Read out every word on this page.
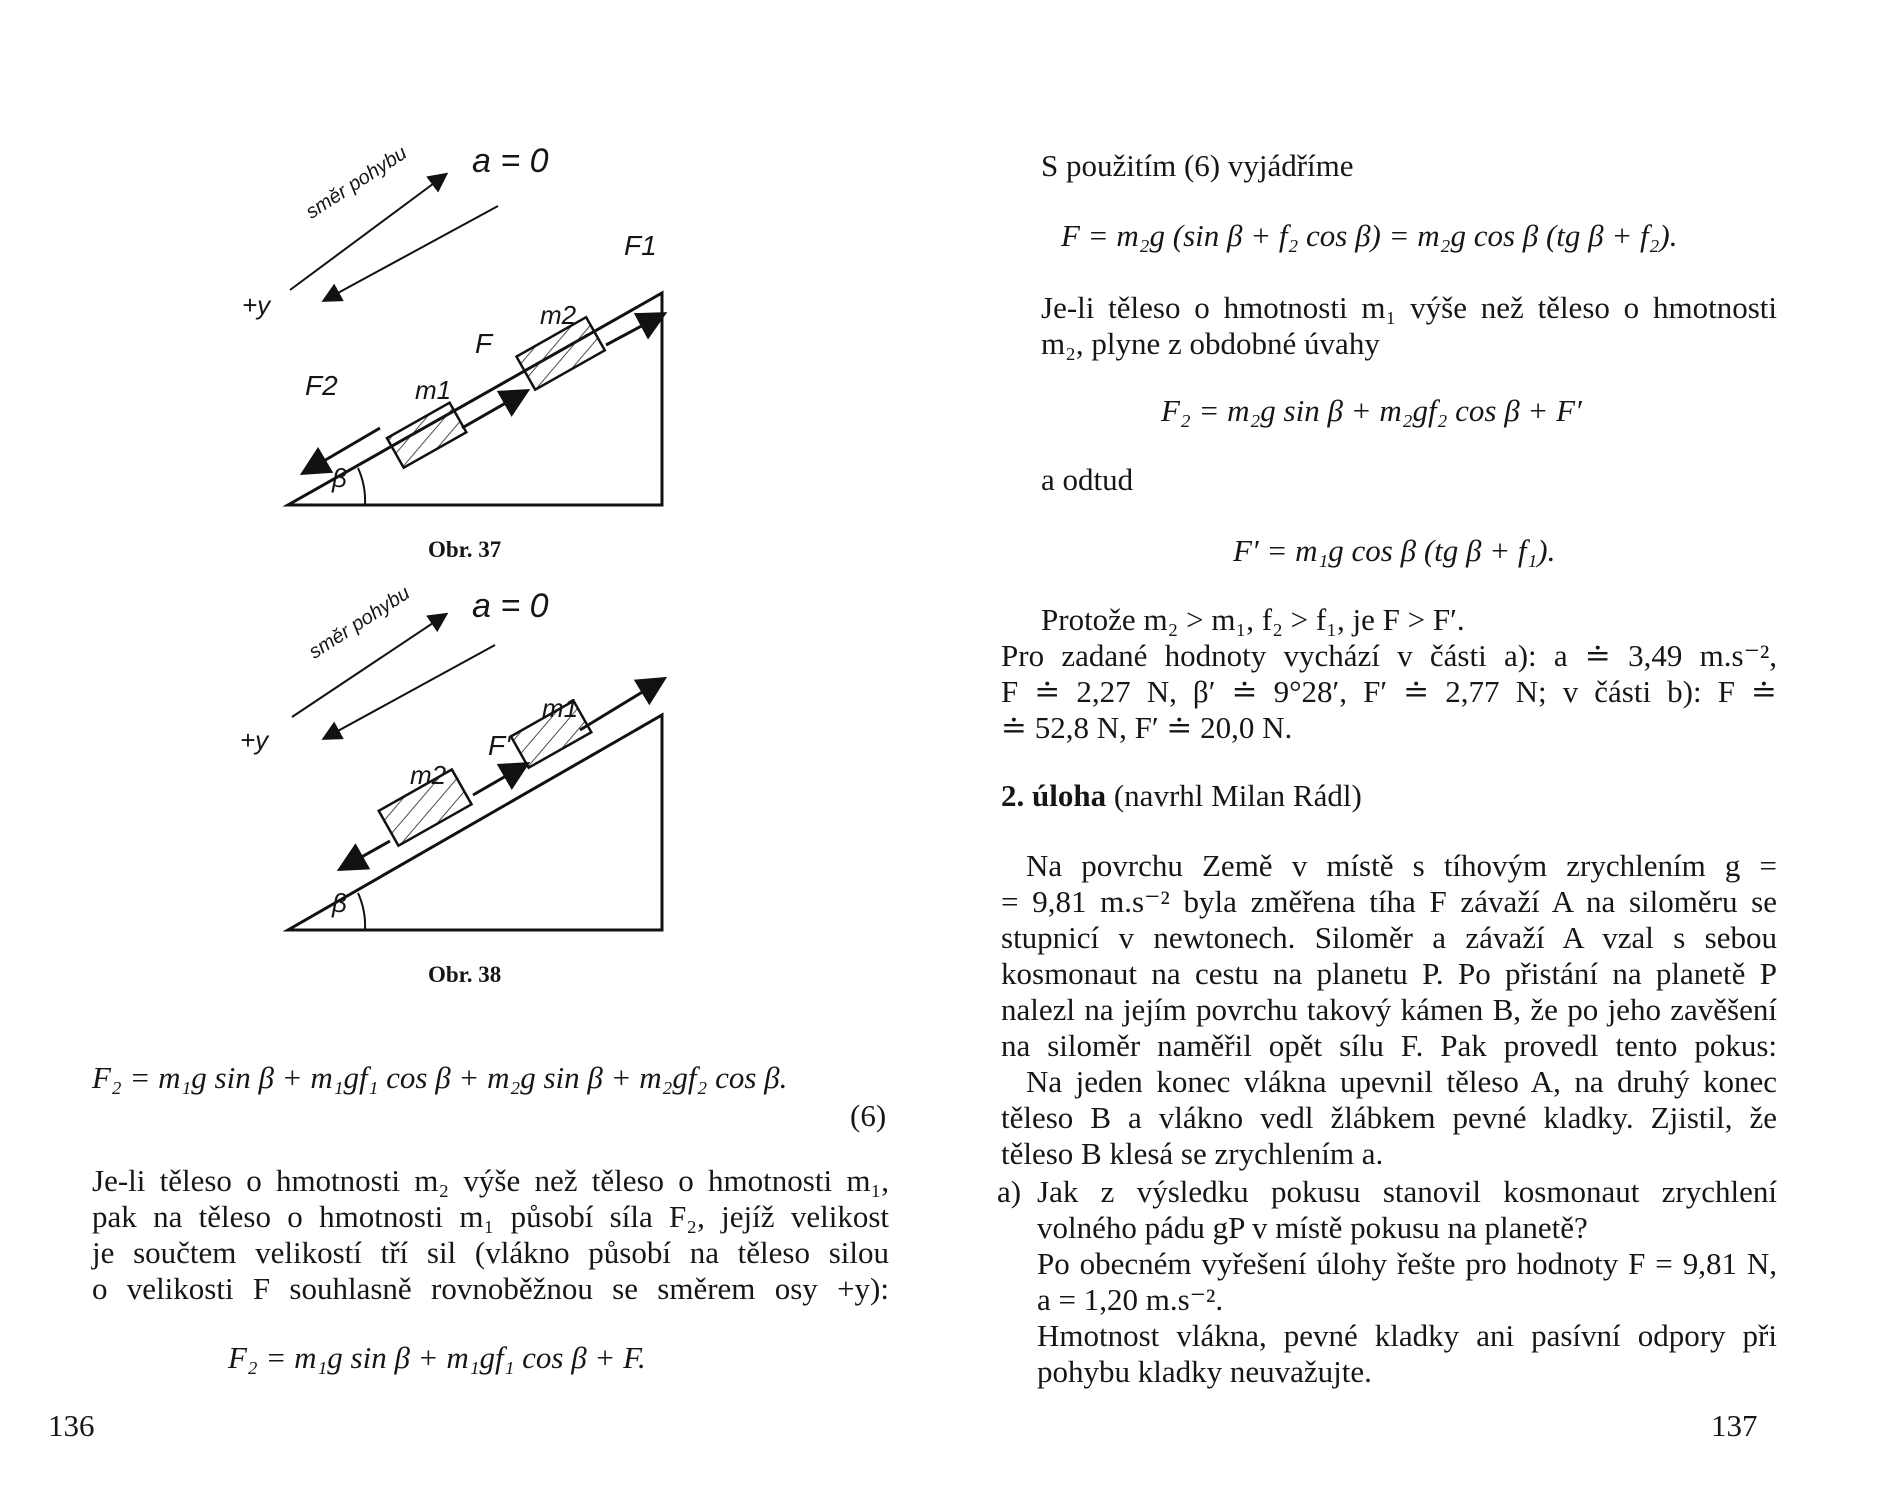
a = 0
směr pohybu
+y
F1
F
F2
m2
m1
β
Obr. 37
a = 0
směr pohybu
+y	F'
m1
m2
β
Obr. 38
F₂ = m₁g sin β + m₁gf₁ cos β + m₂g sin β + m₂gf₂ cos β.
(6)
Je-li těleso o hmotnosti m₂ výše než těleso o hmotnosti m₁,
pak na těleso o hmotnosti m₁ působí síla F₂, jejíž velikost
je součtem velikostí tří sil (vlákno působí na těleso silou
o velikosti F souhlasně rovnoběžnou se směrem osy +y):
F₂ = m₁g sin β + m₁gf₁ cos β + F.
136
S použitím (6) vyjádříme
F = m₂g (sin β + f₂ cos β) = m₂g cos β (tg β + f₂).
Je-li těleso o hmotnosti m₁ výše než těleso o hmotnosti
m₂, plyne z obdobné úvahy
F₂ = m₂g sin β + m₂gf₂ cos β + F′
a odtud
F′ = m₁g cos β (tg β + f₁).
Protože m₂ > m₁, f₂ > f₁, je F > F′.
Pro zadané hodnoty vychází v části a): a ≐ 3,49 m.s⁻²,
F ≐ 2,27 N, β′ ≐ 9°28′, F′ ≐ 2,77 N; v části b): F ≐
≐ 52,8 N, F′ ≐ 20,0 N.
2. úloha (navrhl Milan Rádl)
Na povrchu Země v místě s tíhovým zrychlením g =
= 9,81 m.s⁻² byla změřena tíha F závaží A na siloměru se
stupnicí v newtonech. Siloměr a závaží A vzal s sebou
kosmonaut na cestu na planetu P. Po přistání na planetě P
nalezl na jejím povrchu takový kámen B, že po jeho zavěšení
na siloměr naměřil opět sílu F. Pak provedl tento pokus:
Na jeden konec vlákna upevnil těleso A, na druhý konec
těleso B a vlákno vedl žlábkem pevné kladky. Zjistil, že
těleso B klesá se zrychlením a.
a) Jak z výsledku pokusu stanovil kosmonaut zrychlení
volného pádu gP v místě pokusu na planetě?
Po obecném vyřešení úlohy řešte pro hodnoty F = 9,81 N,
a = 1,20 m.s⁻².
Hmotnost vlákna, pevné kladky ani pasívní odpory při
pohybu kladky neuvažujte.
137
